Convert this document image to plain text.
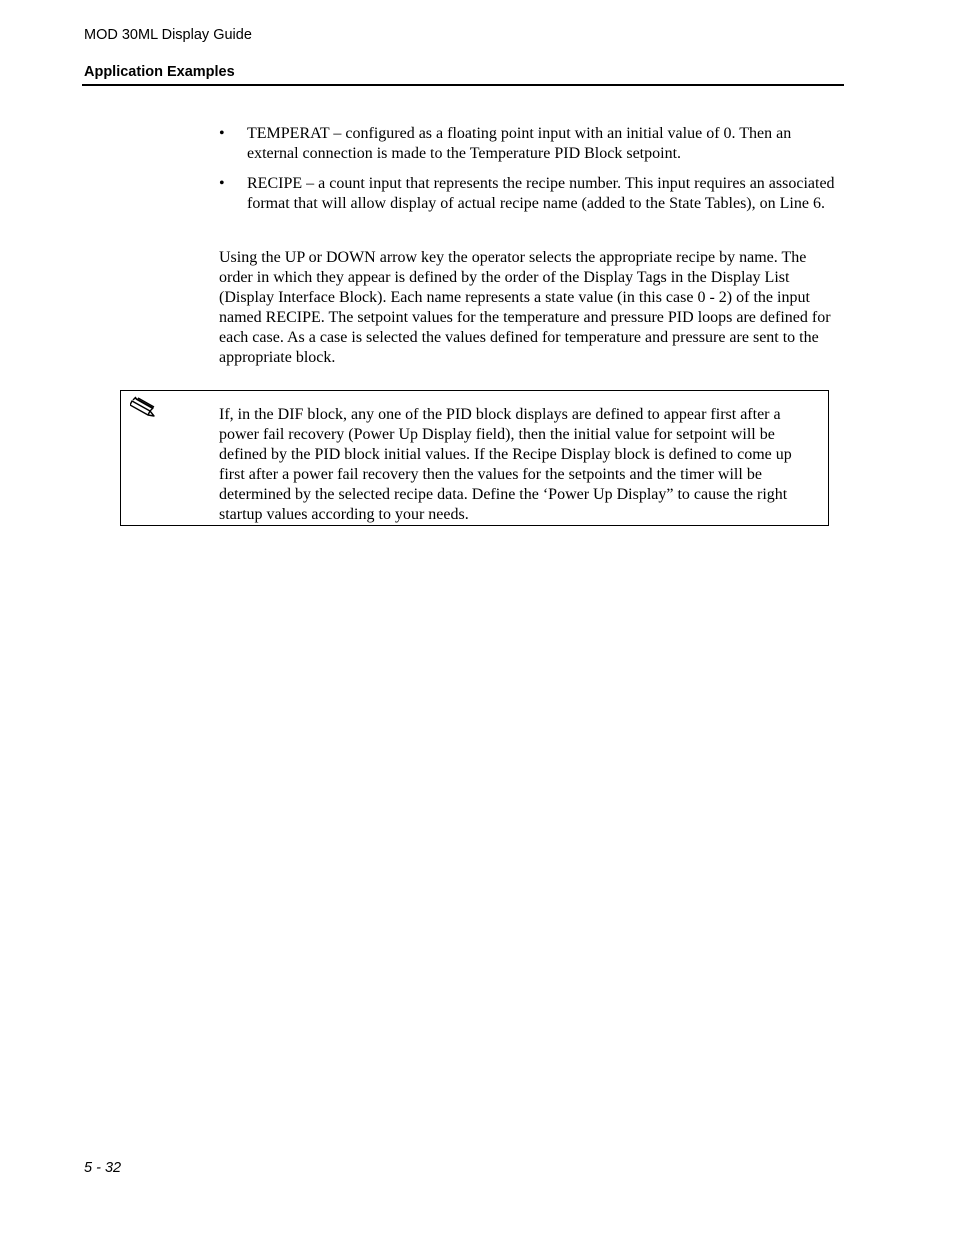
MOD 30ML Display Guide
Application Examples
• TEMPERAT – configured as a floating point input with an initial value of 0. Then an external connection is made to the Temperature PID Block setpoint.
• RECIPE – a count input that represents the recipe number. This input requires an associated format that will allow display of actual recipe name (added to the State Tables), on Line 6.

Using the UP or DOWN arrow key the operator selects the appropriate recipe by name. The order in which they appear is defined by the order of the Display Tags in the Display List (Display Interface Block). Each name represents a state value (in this case 0 - 2) of the input named RECIPE. The setpoint values for the temperature and pressure PID loops are defined for each case. As a case is selected the values defined for temperature and pressure are sent to the appropriate block.

If, in the DIF block, any one of the PID block displays are defined to appear first after a power fail recovery (Power Up Display field), then the initial value for setpoint will be defined by the PID block initial values. If the Recipe Display block is defined to come up first after a power fail recovery then the values for the setpoints and the timer will be determined by the selected recipe data. Define the ‘Power Up Display” to cause the right startup values according to your needs.

5 - 32
